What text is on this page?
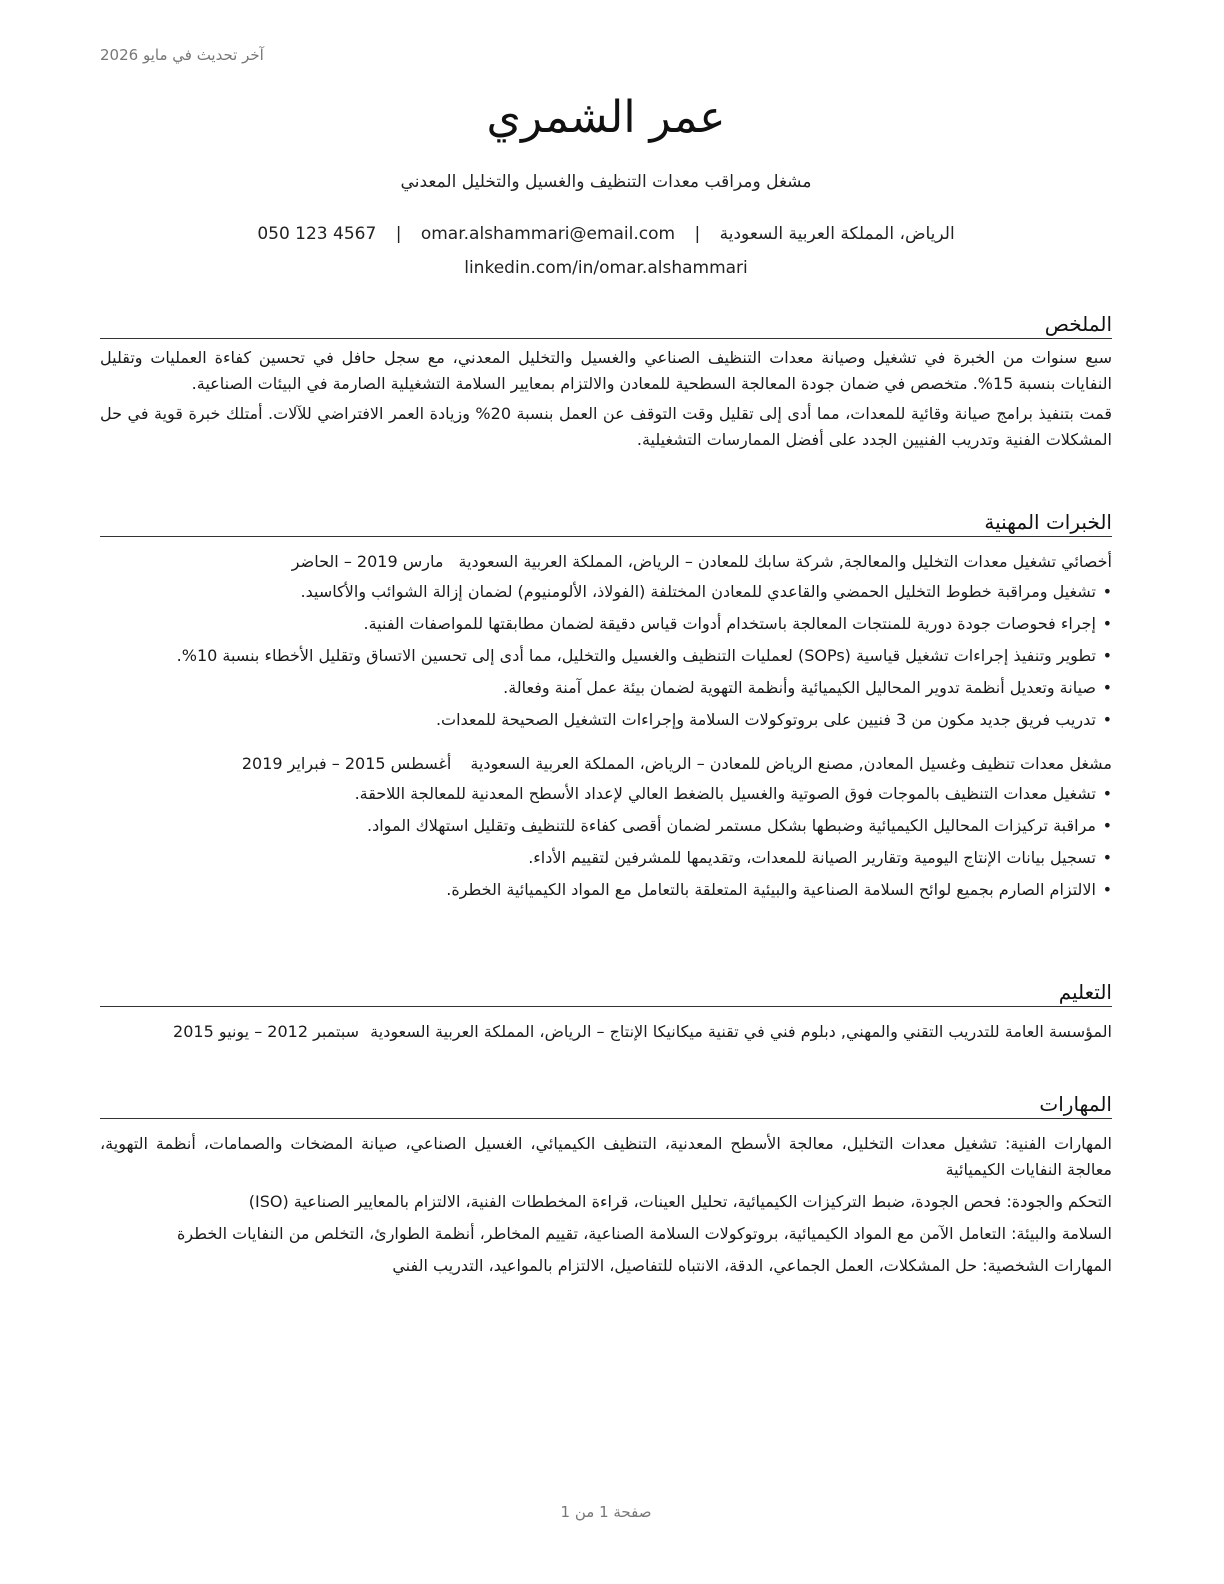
آخر تحديث في مايو 2026
عمر الشمري
مشغل ومراقب معدات التنظيف والغسيل والتخليل المعدني
الرياض، المملكة العربية السعودية | omar.alshammari@email.com | 050 123 4567
linkedin.com/in/omar.alshammari
الملخص

سبع سنوات من الخبرة في تشغيل وصيانة معدات التنظيف الصناعي والغسيل والتخليل المعدني، مع سجل حافل في تحسين كفاءة العمليات وتقليل النفايات بنسبة 15%. متخصص في ضمان جودة المعالجة السطحية للمعادن والالتزام بمعايير السلامة التشغيلية الصارمة في البيئات الصناعية.

قمت بتنفيذ برامج صيانة وقائية للمعدات، مما أدى إلى تقليل وقت التوقف عن العمل بنسبة 20% وزيادة العمر الافتراضي للآلات. أمتلك خبرة قوية في حل المشكلات الفنية وتدريب الفنيين الجدد على أفضل الممارسات التشغيلية.

الخبرات المهنية

أخصائي تشغيل معدات التخليل والمعالجة, شركة سابك للمعادن – الرياض، المملكة العربية السعودية مارس 2019 – الحاضر

• تشغيل ومراقبة خطوط التخليل الحمضي والقاعدي للمعادن المختلفة (الفولاذ، الألومنيوم) لضمان إزالة الشوائب والأكاسيد.
• إجراء فحوصات جودة دورية للمنتجات المعالجة باستخدام أدوات قياس دقيقة لضمان مطابقتها للمواصفات الفنية.
• تطوير وتنفيذ إجراءات تشغيل قياسية (SOPs) لعمليات التنظيف والغسيل والتخليل، مما أدى إلى تحسين الاتساق وتقليل الأخطاء بنسبة 10%.
• صيانة وتعديل أنظمة تدوير المحاليل الكيميائية وأنظمة التهوية لضمان بيئة عمل آمنة وفعالة.
• تدريب فريق جديد مكون من 3 فنيين على بروتوكولات السلامة وإجراءات التشغيل الصحيحة للمعدات.

مشغل معدات تنظيف وغسيل المعادن, مصنع الرياض للمعادن – الرياض، المملكة العربية السعودية أغسطس 2015 – فبراير 2019

• تشغيل معدات التنظيف بالموجات فوق الصوتية والغسيل بالضغط العالي لإعداد الأسطح المعدنية للمعالجة اللاحقة.
• مراقبة تركيزات المحاليل الكيميائية وضبطها بشكل مستمر لضمان أقصى كفاءة للتنظيف وتقليل استهلاك المواد.
• تسجيل بيانات الإنتاج اليومية وتقارير الصيانة للمعدات، وتقديمها للمشرفين لتقييم الأداء.
• الالتزام الصارم بجميع لوائح السلامة الصناعية والبيئية المتعلقة بالتعامل مع المواد الكيميائية الخطرة.
التعليم

المؤسسة العامة للتدريب التقني والمهني, دبلوم فني في تقنية ميكانيكا الإنتاج – الرياض، المملكة العربية السعودية سبتمبر 2012 – يونيو 2015

المهارات

المهارات الفنية: تشغيل معدات التخليل، معالجة الأسطح المعدنية، التنظيف الكيميائي، الغسيل الصناعي، صيانة المضخات والصمامات، أنظمة التهوية، معالجة النفايات الكيميائية

التحكم والجودة: فحص الجودة، ضبط التركيزات الكيميائية، تحليل العينات، قراءة المخططات الفنية، الالتزام بالمعايير الصناعية (ISO)

السلامة والبيئة: التعامل الآمن مع المواد الكيميائية، بروتوكولات السلامة الصناعية، تقييم المخاطر، أنظمة الطوارئ، التخلص من النفايات الخطرة

المهارات الشخصية: حل المشكلات، العمل الجماعي، الدقة، الانتباه للتفاصيل، الالتزام بالمواعيد، التدريب الفني

صفحة 1 من 1
